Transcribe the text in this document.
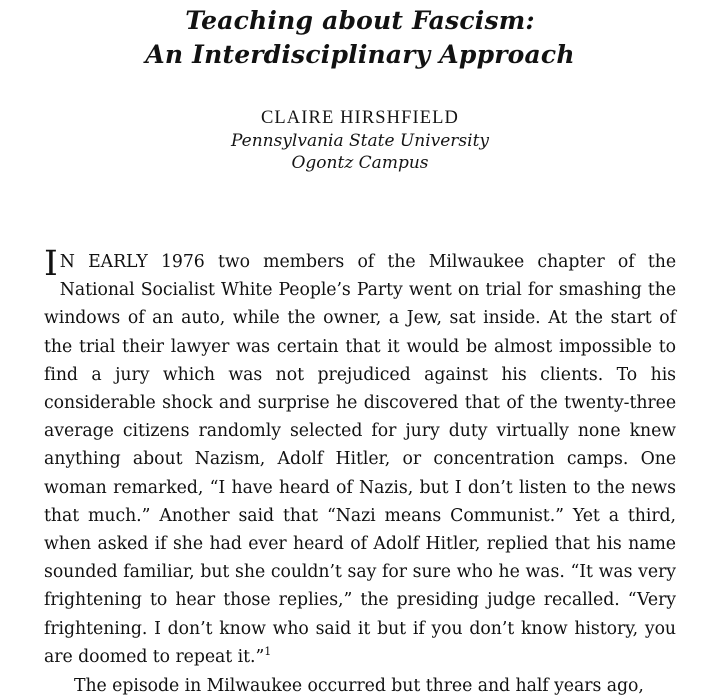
Teaching about Fascism:
An Interdisciplinary Approach
CLAIRE HIRSHFIELD
Pennsylvania State University
Ogontz Campus

I N EARLY 1976 two members of the Milwaukee chapter of the National Socialist White People’s Party went on trial for smashing the windows of an auto, while the owner, a Jew, sat inside. At the start of the trial their lawyer was certain that it would be almost impossible to find a jury which was not prejudiced against his clients. To his considerable shock and surprise he discovered that of the twenty-three average citizens randomly selected for jury duty virtually none knew anything about Nazism, Adolf Hitler, or concentration camps. One woman remarked, “I have heard of Nazis, but I don’t listen to the news that much.” Another said that “Nazi means Communist.” Yet a third, when asked if she had ever heard of Adolf Hitler, replied that his name sounded familiar, but she couldn’t say for sure who he was. “It was very frightening to hear those replies,” the presiding judge recalled. “Very frightening. I don’t know who said it but if you don’t know history, you are doomed to repeat it.”$^1$

The episode in Milwaukee occurred but three and half years ago,
